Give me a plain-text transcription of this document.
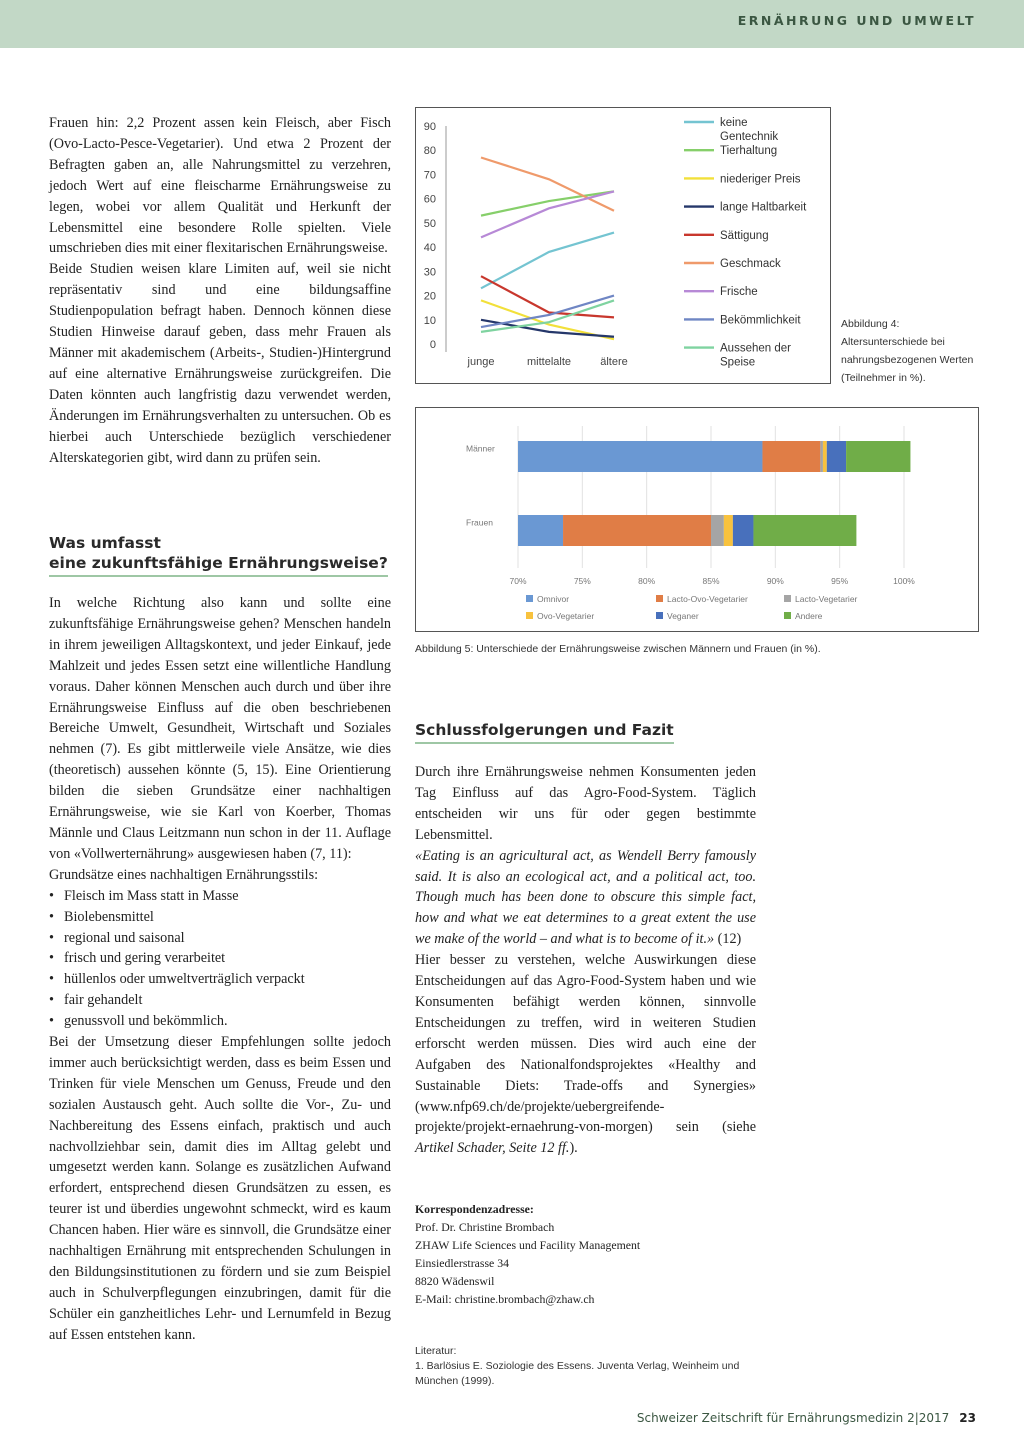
ERNÄHRUNG UND UMWELT

Frauen hin: 2,2 Prozent assen kein Fleisch, aber Fisch (Ovo-Lacto-Pesce-Vegetarier). Und etwa 2 Prozent der Befragten gaben an, alle Nahrungsmittel zu verzehren, jedoch Wert auf eine fleischarme Ernährungsweise zu legen, wobei vor allem Qualität und Herkunft der Lebensmittel eine besondere Rolle spielten. Viele umschrieben dies mit einer flexitarischen Ernährungsweise.

Beide Studien weisen klare Limiten auf, weil sie nicht repräsentativ sind und eine bildungsaffine Studienpopulation befragt haben. Dennoch können diese Studien Hinweise darauf geben, dass mehr Frauen als Männer mit akademischem (Arbeits-, Studien-)Hintergrund auf eine alternative Ernährungsweise zurückgreifen. Die Daten könnten auch langfristig dazu verwendet werden, Änderungen im Ernährungsverhalten zu untersuchen. Ob es hierbei auch Unterschiede bezüglich verschiedener Alterskategorien gibt, wird dann zu prüfen sein.

Was umfasst
eine zukunftsfähige Ernährungsweise?

In welche Richtung also kann und sollte eine zukunftsfähige Ernährungsweise gehen? Menschen handeln in ihrem jeweiligen Alltagskontext, und jeder Einkauf, jede Mahlzeit und jedes Essen setzt eine willentliche Handlung voraus. Daher können Menschen auch durch und über ihre Ernährungsweise Einfluss auf die oben beschriebenen Bereiche Umwelt, Gesundheit, Wirtschaft und Soziales nehmen (7). Es gibt mittlerweile viele Ansätze, wie dies (theoretisch) aussehen könnte (5, 15). Eine Orientierung bilden die sieben Grundsätze einer nachhaltigen Ernährungsweise, wie sie Karl von Koerber, Thomas Männle und Claus Leitzmann nun schon in der 11. Auflage von «Vollwerternährung» ausgewiesen haben (7, 11):

Grundsätze eines nachhaltigen Ernährungsstils:

• Fleisch im Mass statt in Masse
• Biolebensmittel
• regional und saisonal
• frisch und gering verarbeitet
• hüllenlos oder umweltverträglich verpackt
• fair gehandelt
• genussvoll und bekömmlich.

Bei der Umsetzung dieser Empfehlungen sollte jedoch immer auch berücksichtigt werden, dass es beim Essen und Trinken für viele Menschen um Genuss, Freude und den sozialen Austausch geht. Auch sollte die Vor-, Zu- und Nachbereitung des Essens einfach, praktisch und auch nachvollziehbar sein, damit dies im Alltag gelebt und umgesetzt werden kann. Solange es zusätzlichen Aufwand erfordert, entsprechend diesen Grundsätzen zu essen, es teurer ist und überdies ungewohnt schmeckt, wird es kaum Chancen haben. Hier wäre es sinnvoll, die Grundsätze einer nachhaltigen Ernährung mit entsprechenden Schulungen in den Bildungsinstitutionen zu fördern und sie zum Beispiel auch in Schulverpflegungen einzubringen, damit für die Schüler ein ganzheitliches Lehr- und Lernumfeld in Bezug auf Essen entstehen kann.

0
10
20
30
40
50
60
70
80
90
junge	mittelalte	ältere
keine
Gentechnik
Tierhaltung
niederiger Preis
lange Haltbarkeit
Sättigung
Geschmack
Frische
Bekömmlichkeit
Aussehen der
Speise
Abbildung 4: Altersunterschiede bei nahrungsbezogenen Werten (Teilnehmer in %).
70%	75%	80%	85%	90%	95%	100%
Männer
Frauen
Omnivor	Lacto-Ovo-Vegetarier	Lacto-Vegetarier
Ovo-Vegetarier	Veganer	Andere
Abbildung 5: Unterschiede der Ernährungsweise zwischen Männern und Frauen (in %).
Schlussfolgerungen und Fazit

Durch ihre Ernährungsweise nehmen Konsumenten jeden Tag Einfluss auf das Agro-Food-System. Täglich entscheiden wir uns für oder gegen bestimmte Lebensmittel.

«Eating is an agricultural act, as Wendell Berry famously said. It is also an ecological act, and a political act, too. Though much has been done to obscure this simple fact, how and what we eat determines to a great extent the use we make of the world – and what is to become of it.» (12)

Hier besser zu verstehen, welche Auswirkungen diese Entscheidungen auf das Agro-Food-System haben und wie Konsumenten befähigt werden können, sinnvolle Entscheidungen zu treffen, wird in weiteren Studien erforscht werden müssen. Dies wird auch eine der Aufgaben des Nationalfondsprojektes «Healthy and Sustainable Diets: Trade-offs and Synergies» (www.nfp69.ch/de/projekte/uebergreifende-projekte/projekt-ernaehrung-von-morgen) sein (siehe Artikel Schader, Seite 12 ff.).

Korrespondenzadresse:
Prof. Dr. Christine Brombach
ZHAW Life Sciences und Facility Management
Einsiedlerstrasse 34
8820 Wädenswil
E-Mail: christine.brombach@zhaw.ch
Literatur:
1. Barlösius E. Soziologie des Essens. Juventa Verlag, Weinheim und München (1999).
Schweizer Zeitschrift für Ernährungsmedizin 2|2017 23
